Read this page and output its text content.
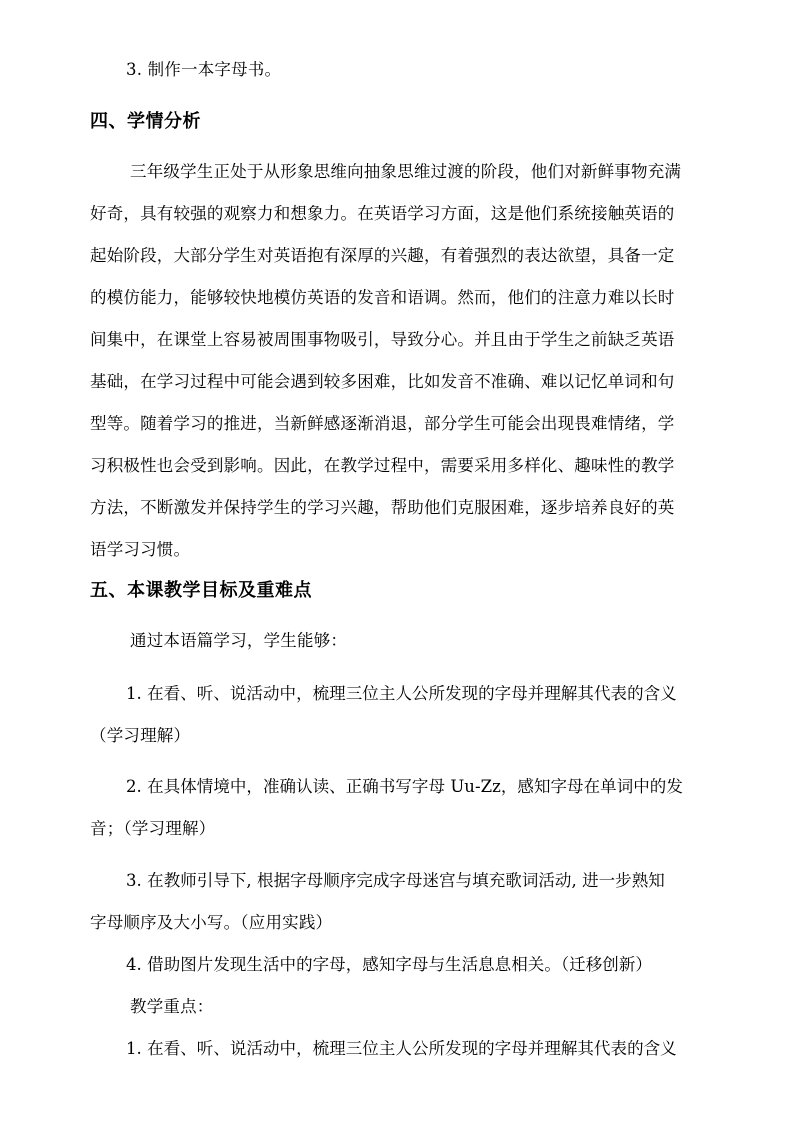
3. 制作一本字母书。
四、学情分析
三年级学生正处于从形象思维向抽象思维过渡的阶段，他们对新鲜事物充满
好奇，具有较强的观察力和想象力。在英语学习方面，这是他们系统接触英语的
起始阶段，大部分学生对英语抱有深厚的兴趣，有着强烈的表达欲望，具备一定
的模仿能力，能够较快地模仿英语的发音和语调。然而，他们的注意力难以长时
间集中，在课堂上容易被周围事物吸引，导致分心。并且由于学生之前缺乏英语
基础，在学习过程中可能会遇到较多困难，比如发音不准确、难以记忆单词和句
型等。随着学习的推进，当新鲜感逐渐消退，部分学生可能会出现畏难情绪，学
习积极性也会受到影响。因此，在教学过程中，需要采用多样化、趣味性的教学
方法，不断激发并保持学生的学习兴趣，帮助他们克服困难，逐步培养良好的英
语学习习惯。
五、本课教学目标及重难点
通过本语篇学习，学生能够：
1. 在看、听、说活动中，梳理三位主人公所发现的字母并理解其代表的含义
（学习理解）
2. 在具体情境中，准确认读、正确书写字母 Uu-Zz，感知字母在单词中的发
音；（学习理解）
3. 在教师引导下, 根据字母顺序完成字母迷宫与填充歌词活动, 进一步熟知
字母顺序及大小写。（应用实践）
4. 借助图片发现生活中的字母，感知字母与生活息息相关。（迁移创新）
教学重点：
1. 在看、听、说活动中，梳理三位主人公所发现的字母并理解其代表的含义
